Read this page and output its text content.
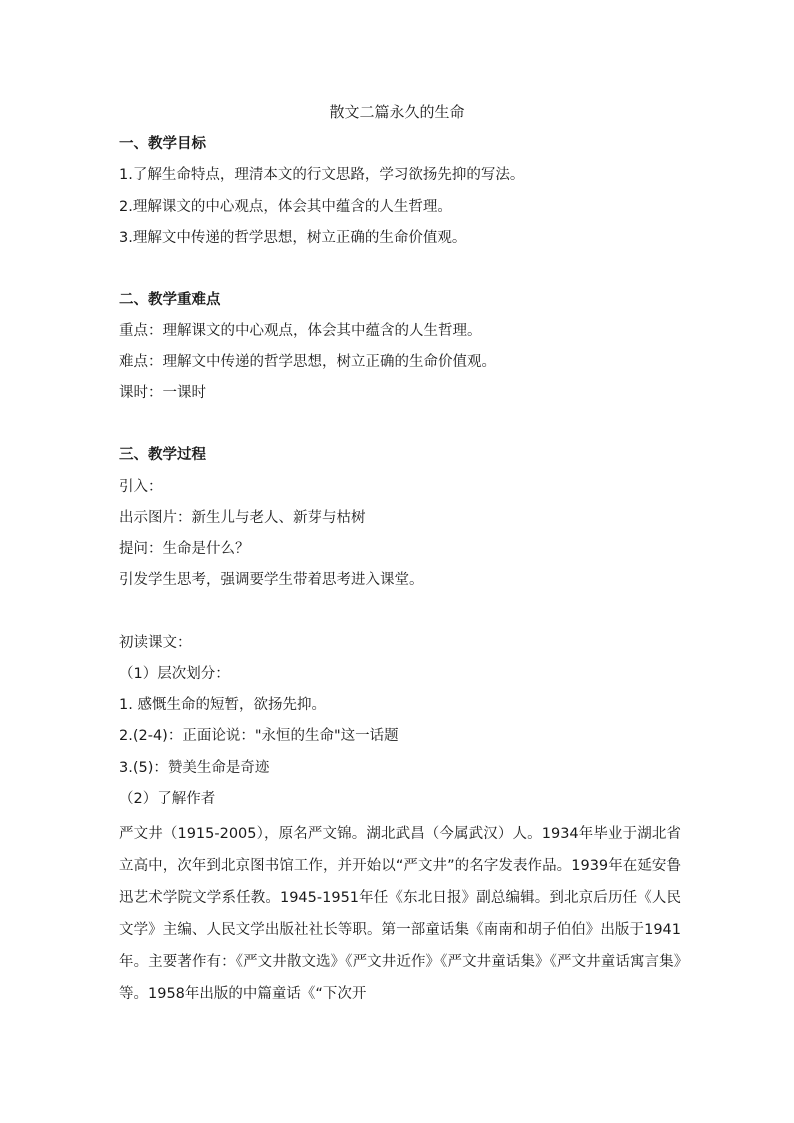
散文二篇永久的生命

一、教学目标

1.了解生命特点，理清本文的行文思路，学习欲扬先抑的写法。

2.理解课文的中心观点，体会其中蕴含的人生哲理。

3.理解文中传递的哲学思想，树立正确的生命价值观。

二、教学重难点

重点：理解课文的中心观点，体会其中蕴含的人生哲理。

难点：理解文中传递的哲学思想，树立正确的生命价值观。

课时：一课时

三、教学过程

引入：

出示图片：新生儿与老人、新芽与枯树

提问：生命是什么？

引发学生思考，强调要学生带着思考进入课堂。

初读课文：

（1）层次划分：

1. 感慨生命的短暂，欲扬先抑。

2.(2-4)：正面论说："永恒的生命"这一话题

3.(5)：赞美生命是奇迹

（2）了解作者

严文井（1915-2005），原名严文锦。湖北武昌（今属武汉）人。1934年毕业于湖北省立高中，次年到北京图书馆工作，并开始以“严文井”的名字发表作品。1939年在延安鲁迅艺术学院文学系任教。1945-1951年任《东北日报》副总编辑。到北京后历任《人民文学》主编、人民文学出版社社长等职。第一部童话集《南南和胡子伯伯》出版于1941年。主要著作有：《严文井散文选》《严文井近作》《严文井童话集》《严文井童话寓言集》等。1958年出版的中篇童话《“下次开
